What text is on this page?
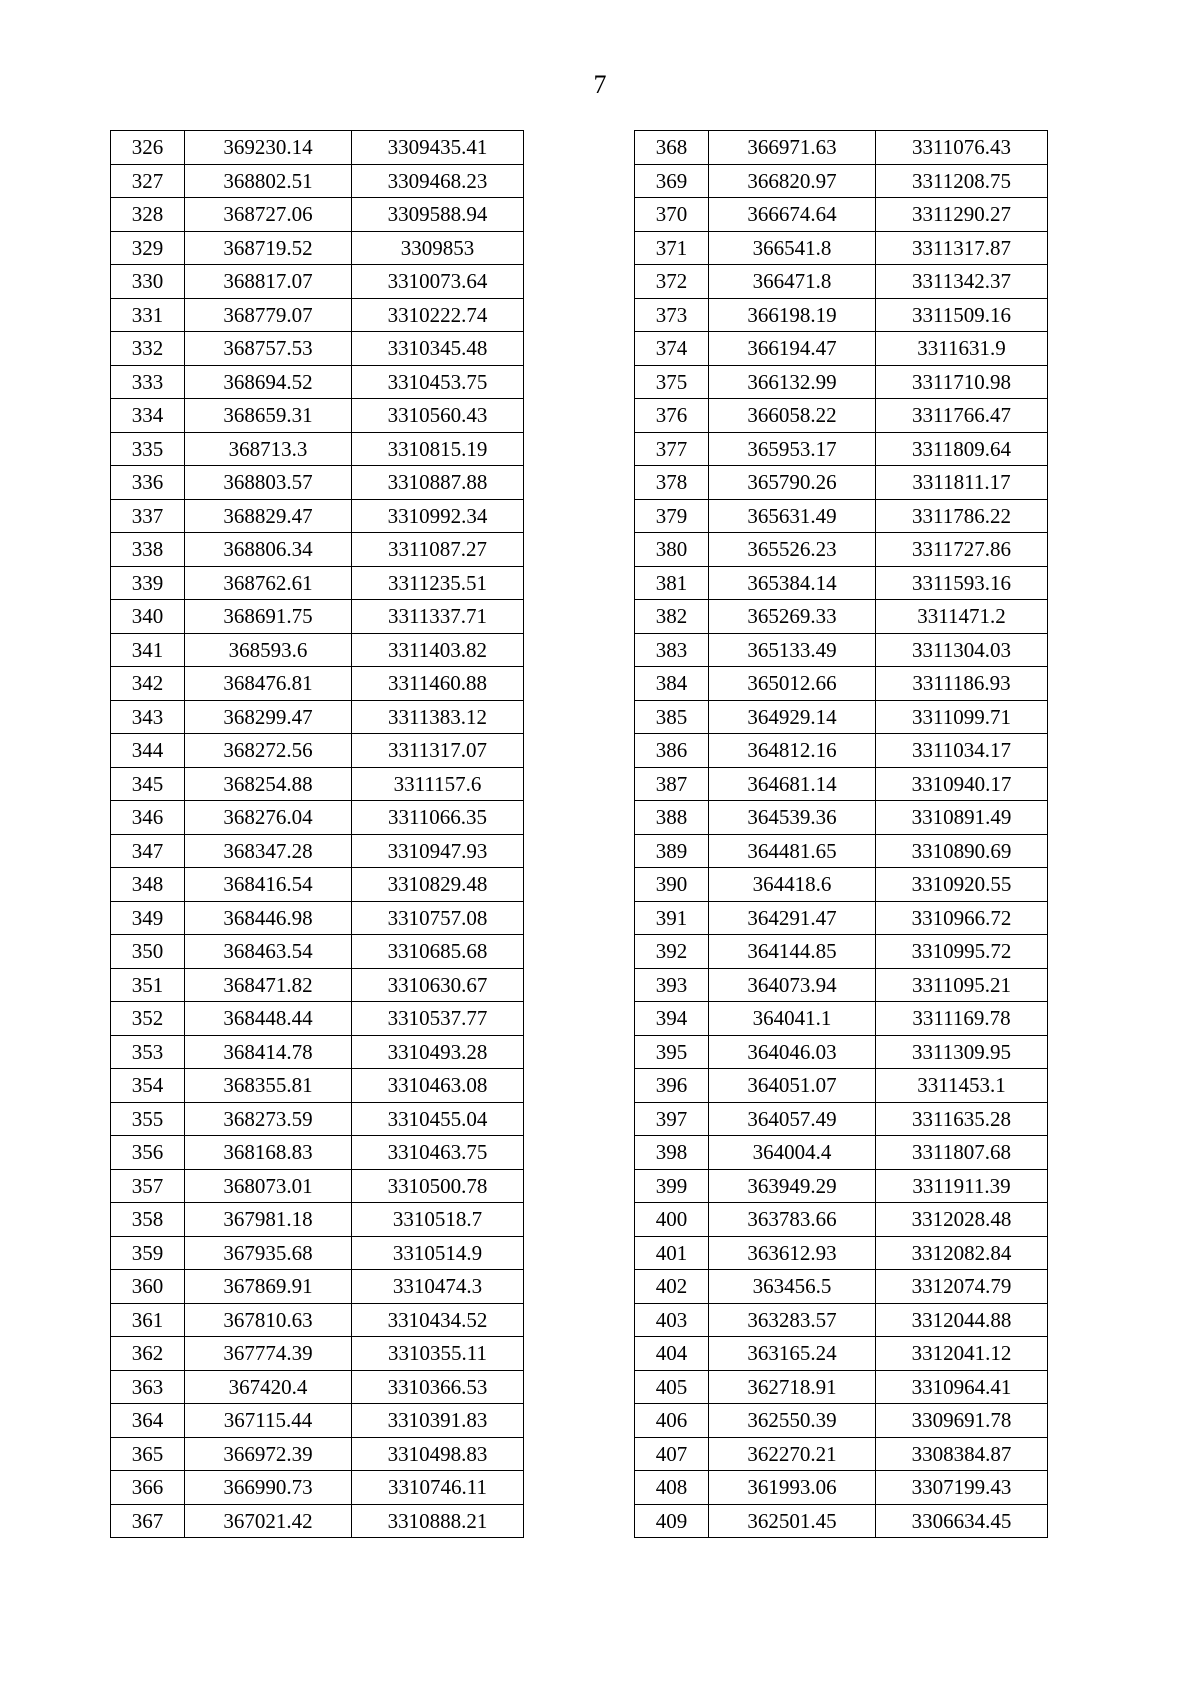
7
326	369230.14	3309435.41
327	368802.51	3309468.23
328	368727.06	3309588.94
329	368719.52	3309853
330	368817.07	3310073.64
331	368779.07	3310222.74
332	368757.53	3310345.48
333	368694.52	3310453.75
334	368659.31	3310560.43
335	368713.3	3310815.19
336	368803.57	3310887.88
337	368829.47	3310992.34
338	368806.34	3311087.27
339	368762.61	3311235.51
340	368691.75	3311337.71
341	368593.6	3311403.82
342	368476.81	3311460.88
343	368299.47	3311383.12
344	368272.56	3311317.07
345	368254.88	3311157.6
346	368276.04	3311066.35
347	368347.28	3310947.93
348	368416.54	3310829.48
349	368446.98	3310757.08
350	368463.54	3310685.68
351	368471.82	3310630.67
352	368448.44	3310537.77
353	368414.78	3310493.28
354	368355.81	3310463.08
355	368273.59	3310455.04
356	368168.83	3310463.75
357	368073.01	3310500.78
358	367981.18	3310518.7
359	367935.68	3310514.9
360	367869.91	3310474.3
361	367810.63	3310434.52
362	367774.39	3310355.11
363	367420.4	3310366.53
364	367115.44	3310391.83
365	366972.39	3310498.83
366	366990.73	3310746.11
367	367021.42	3310888.21
368	366971.63	3311076.43
369	366820.97	3311208.75
370	366674.64	3311290.27
371	366541.8	3311317.87
372	366471.8	3311342.37
373	366198.19	3311509.16
374	366194.47	3311631.9
375	366132.99	3311710.98
376	366058.22	3311766.47
377	365953.17	3311809.64
378	365790.26	3311811.17
379	365631.49	3311786.22
380	365526.23	3311727.86
381	365384.14	3311593.16
382	365269.33	3311471.2
383	365133.49	3311304.03
384	365012.66	3311186.93
385	364929.14	3311099.71
386	364812.16	3311034.17
387	364681.14	3310940.17
388	364539.36	3310891.49
389	364481.65	3310890.69
390	364418.6	3310920.55
391	364291.47	3310966.72
392	364144.85	3310995.72
393	364073.94	3311095.21
394	364041.1	3311169.78
395	364046.03	3311309.95
396	364051.07	3311453.1
397	364057.49	3311635.28
398	364004.4	3311807.68
399	363949.29	3311911.39
400	363783.66	3312028.48
401	363612.93	3312082.84
402	363456.5	3312074.79
403	363283.57	3312044.88
404	363165.24	3312041.12
405	362718.91	3310964.41
406	362550.39	3309691.78
407	362270.21	3308384.87
408	361993.06	3307199.43
409	362501.45	3306634.45
